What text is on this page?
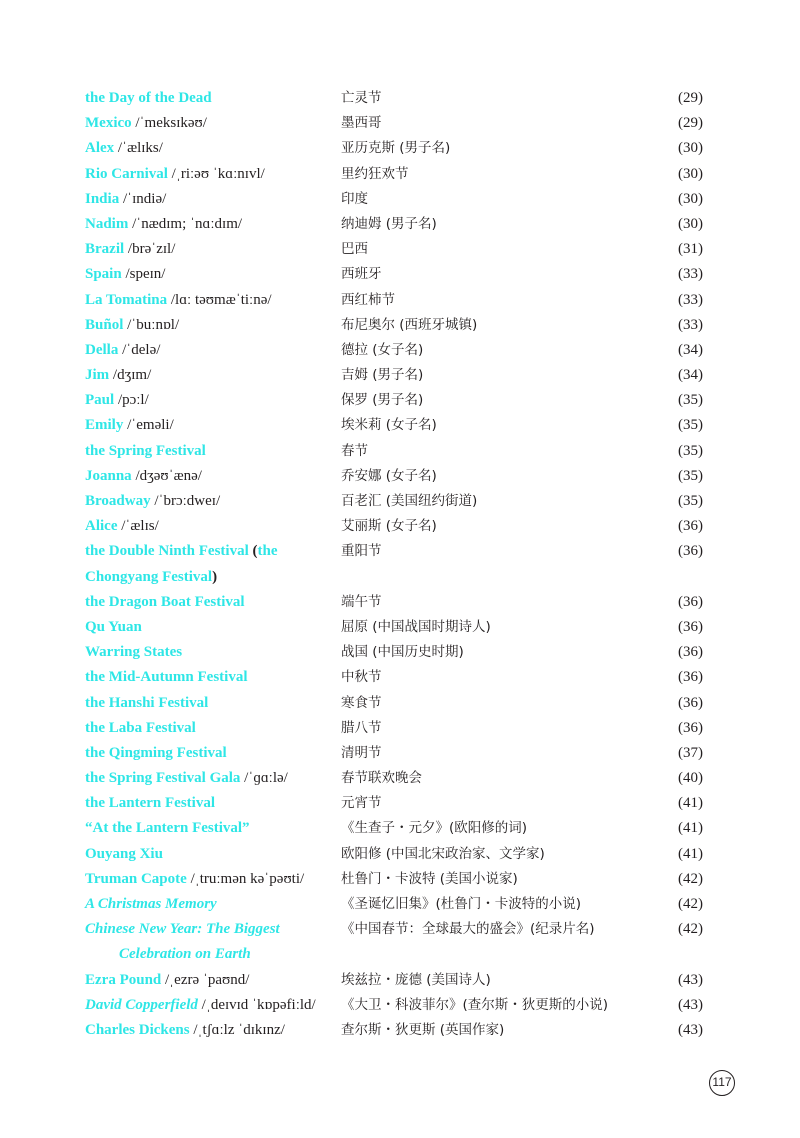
the Day of the Dead	亡灵节	(29)
Mexico /ˈmeksɪkəʊ/	墨西哥	(29)
Alex /ˈælɪks/	亚历克斯 (男子名)	(30)
Rio Carnival /ˌriːəʊ ˈkɑːnɪvl/	里约狂欢节	(30)
India /ˈɪndiə/	印度	(30)
Nadim /ˈnædɪm; ˈnɑːdɪm/	纳迪姆 (男子名)	(30)
Brazil /brəˈzɪl/	巴西	(31)
Spain /speɪn/	西班牙	(33)
La Tomatina /lɑː təʊmæˈtiːnə/	西红柿节	(33)
Buñol /ˈbuːnɒl/	布尼奥尔 (西班牙城镇)	(33)
Della /ˈdelə/	德拉 (女子名)	(34)
Jim /dʒɪm/	吉姆 (男子名)	(34)
Paul /pɔːl/	保罗 (男子名)	(35)
Emily /ˈeməli/	埃米莉 (女子名)	(35)
the Spring Festival	春节	(35)
Joanna /dʒəʊˈænə/	乔安娜 (女子名)	(35)
Broadway /ˈbrɔːdweɪ/	百老汇 (美国纽约街道)	(35)
Alice /ˈælɪs/	艾丽斯 (女子名)	(36)
the Double Ninth Festival (the Chongyang Festival)
重阳节	(36)
the Dragon Boat Festival	端午节	(36)
Qu Yuan	屈原 (中国战国时期诗人)	(36)
Warring States	战国 (中国历史时期)	(36)
the Mid-Autumn Festival	中秋节	(36)
the Hanshi Festival	寒食节	(36)
the Laba Festival	腊八节	(36)
the Qingming Festival	清明节	(37)
the Spring Festival Gala /ˈɡɑːlə/	春节联欢晚会	(40)
the Lantern Festival	元宵节	(41)
“At the Lantern Festival”	《生查子・元夕》(欧阳修的词)	(41)
Ouyang Xiu	欧阳修 (中国北宋政治家、文学家)	(41)
Truman Capote /ˌtruːmən kəˈpəʊti/	杜鲁门・卡波特 (美国小说家)	(42)
A Christmas Memory	《圣诞忆旧集》(杜鲁门・卡波特的小说)	(42)
Chinese New Year: The Biggest
Celebration on Earth
《中国春节：全球最大的盛会》(纪录片名)	(42)
Ezra Pound /ˌezrə ˈpaʊnd/	埃兹拉・庞德 (美国诗人)	(43)
David Copperfield /ˌdeɪvɪd ˈkɒpəfiːld/	《大卫・科波菲尔》(查尔斯・狄更斯的小说)	(43)
Charles Dickens /ˌtʃɑːlz ˈdɪkɪnz/	查尔斯・狄更斯 (英国作家)	(43)
117
